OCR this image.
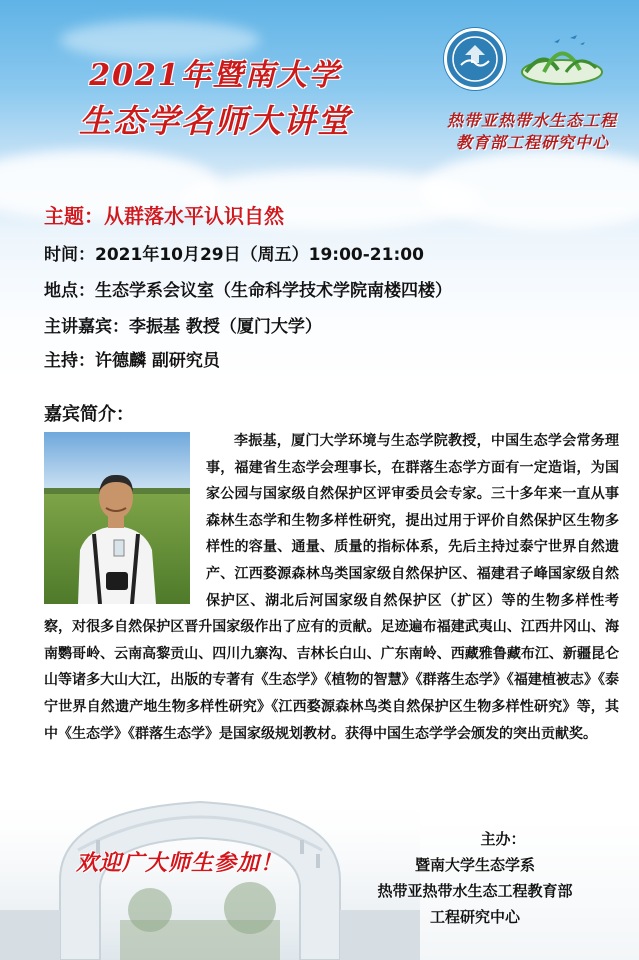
2021年暨南大学
生态学名师大讲堂	热带亚热带水生态工程
教育部工程研究中心
主题：从群落水平认识自然
时间：2021年10月29日（周五）19:00-21:00
地点：生态学系会议室（生命科学技术学院南楼四楼）
主讲嘉宾：李振基 教授（厦门大学）
主持：许德麟 副研究员
嘉宾简介：

李振基，厦门大学环境与生态学院教授，中国生态学会常务理事，福建省生态学会理事长，在群落生态学方面有一定造诣，为国家公园与国家级自然保护区评审委员会专家。三十多年来一直从事森林生态学和生物多样性研究，提出过用于评价自然保护区生物多样性的容量、通量、质量的指标体系，先后主持过泰宁世界自然遗产、江西婺源森林鸟类国家级自然保护区、福建君子峰国家级自然保护区、湖北后河国家级自然保护区（扩区）等的生物多样性考察，对很多自然保护区晋升国家级作出了应有的贡献。足迹遍布福建武夷山、江西井冈山、海南鹦哥岭、云南高黎贡山、四川九寨沟、吉林长白山、广东南岭、西藏雅鲁藏布江、新疆昆仑山等诸多大山大江，出版的专著有《生态学》《植物的智慧》《群落生态学》《福建植被志》《泰宁世界自然遗产地生物多样性研究》《江西婺源森林鸟类自然保护区生物多样性研究》等，其中《生态学》《群落生态学》是国家级规划教材。获得中国生态学学会颁发的突出贡献奖。

欢迎广大师生参加！
主办：
暨南大学生态学系
热带亚热带水生态工程教育部
工程研究中心
